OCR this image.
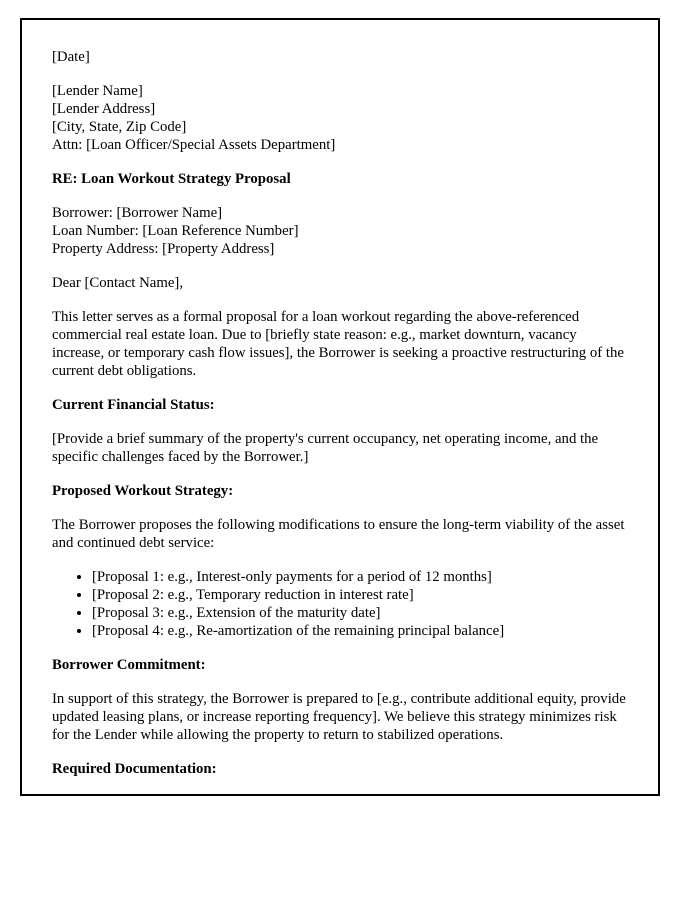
[Date]

[Lender Name]

[Lender Address]

[City, State, Zip Code]

Attn: [Loan Officer/Special Assets Department]

RE: Loan Workout Strategy Proposal

Borrower: [Borrower Name]

Loan Number: [Loan Reference Number]

Property Address: [Property Address]

Dear [Contact Name],

This letter serves as a formal proposal for a loan workout regarding the above-referenced commercial real estate loan. Due to [briefly state reason: e.g., market downturn, vacancy increase, or temporary cash flow issues], the Borrower is seeking a proactive restructuring of the current debt obligations.

Current Financial Status:

[Provide a brief summary of the property's current occupancy, net operating income, and the specific challenges faced by the Borrower.]

Proposed Workout Strategy:

The Borrower proposes the following modifications to ensure the long-term viability of the asset and continued debt service:

• [Proposal 1: e.g., Interest-only payments for a period of 12 months]
• [Proposal 2: e.g., Temporary reduction in interest rate]
• [Proposal 3: e.g., Extension of the maturity date]
• [Proposal 4: e.g., Re-amortization of the remaining principal balance]

Borrower Commitment:

In support of this strategy, the Borrower is prepared to [e.g., contribute additional equity, provide updated leasing plans, or increase reporting frequency]. We believe this strategy minimizes risk for the Lender while allowing the property to return to stabilized operations.

Required Documentation:
